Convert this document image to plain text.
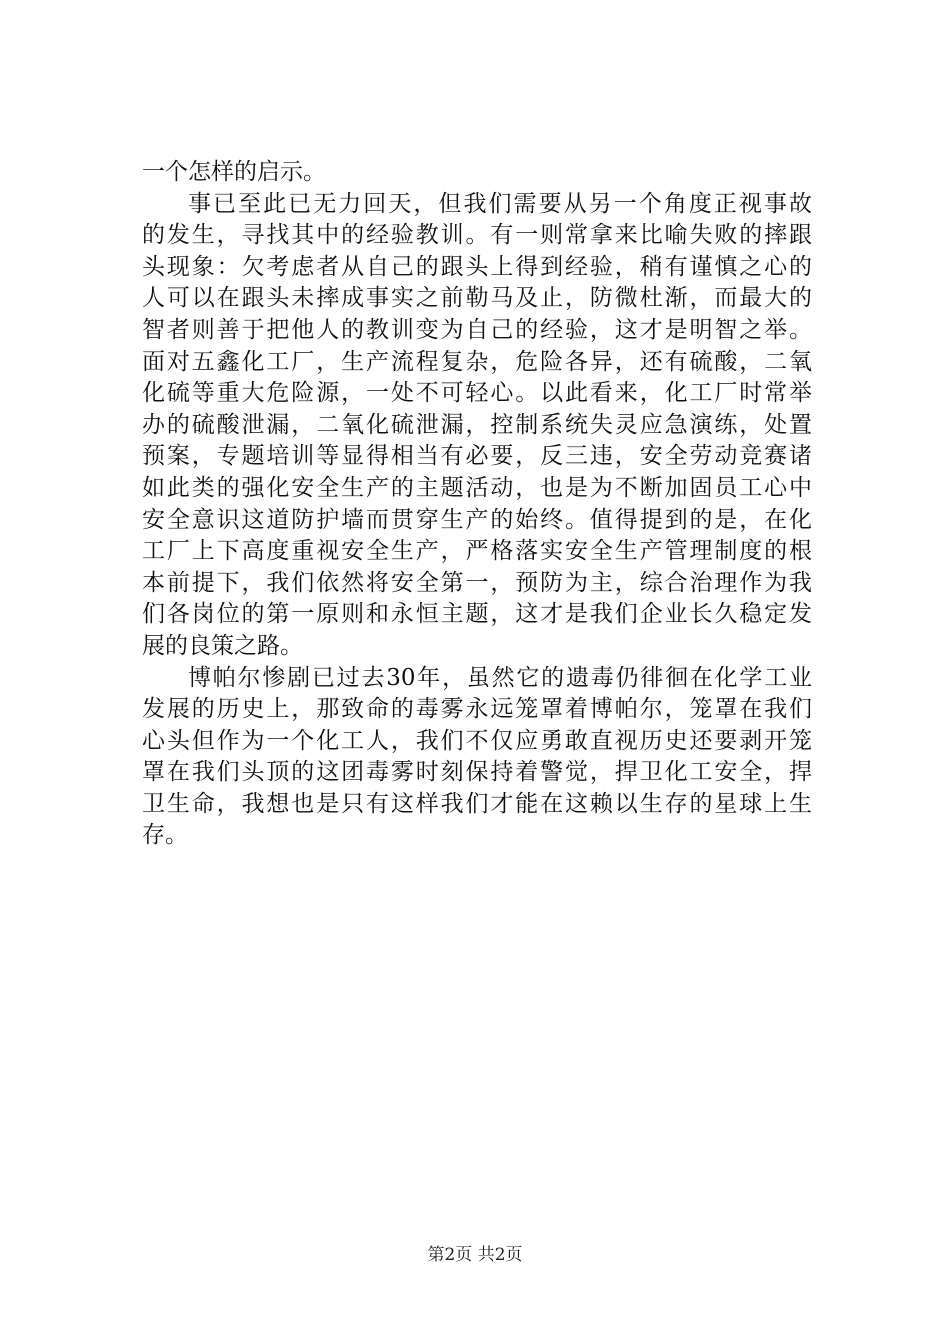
一个怎样的启示。
事已至此已无力回天，但我们需要从另一个角度正视事故
的发生，寻找其中的经验教训。有一则常拿来比喻失败的摔跟
头现象：欠考虑者从自己的跟头上得到经验，稍有谨慎之心的
人可以在跟头未摔成事实之前勒马及止，防微杜渐，而最大的
智者则善于把他人的教训变为自己的经验，这才是明智之举。
面对五鑫化工厂，生产流程复杂，危险各异，还有硫酸，二氧
化硫等重大危险源，一处不可轻心。以此看来，化工厂时常举
办的硫酸泄漏，二氧化硫泄漏，控制系统失灵应急演练，处置
预案，专题培训等显得相当有必要，反三违，安全劳动竞赛诸
如此类的强化安全生产的主题活动，也是为不断加固员工心中
安全意识这道防护墙而贯穿生产的始终。值得提到的是，在化
工厂上下高度重视安全生产，严格落实安全生产管理制度的根
本前提下，我们依然将安全第一，预防为主，综合治理作为我
们各岗位的第一原则和永恒主题，这才是我们企业长久稳定发
展的良策之路。
博帕尔惨剧已过去30年，虽然它的遗毒仍徘徊在化学工业
发展的历史上，那致命的毒雾永远笼罩着博帕尔，笼罩在我们
心头但作为一个化工人，我们不仅应勇敢直视历史还要剥开笼
罩在我们头顶的这团毒雾时刻保持着警觉，捍卫化工安全，捍
卫生命，我想也是只有这样我们才能在这赖以生存的星球上生
存。
第2页 共2页
